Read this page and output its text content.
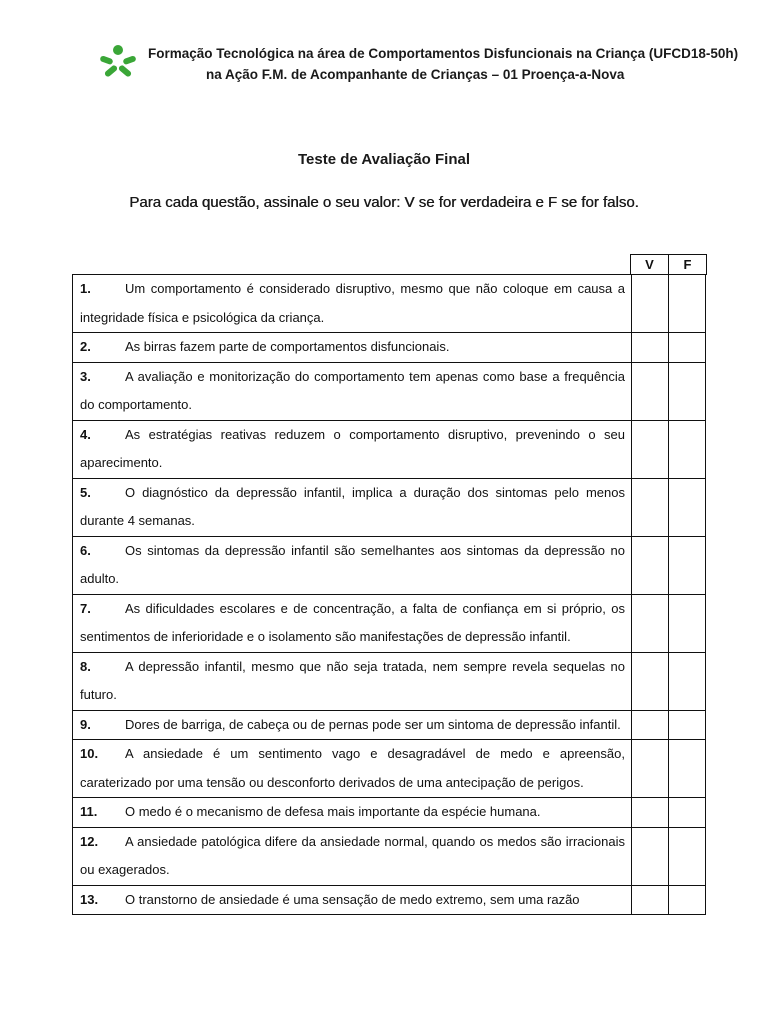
Formação Tecnológica na área de Comportamentos Disfuncionais na Criança (UFCD18-50h)
na Ação F.M. de Acompanhante de Crianças – 01 Proença-a-Nova
Teste de Avaliação Final
Para cada questão, assinale o seu valor: V se for verdadeira e F se for falso.
V	F
1. Um comportamento é considerado disruptivo, mesmo que não coloque em causa a integridade física e psicológica da criança.		

2. As birras fazem parte de comportamentos disfuncionais.		

3. A avaliação e monitorização do comportamento tem apenas como base a frequência do comportamento.		

4. As estratégias reativas reduzem o comportamento disruptivo, prevenindo o seu aparecimento.		

5. O diagnóstico da depressão infantil, implica a duração dos sintomas pelo menos durante 4 semanas.		

6. Os sintomas da depressão infantil são semelhantes aos sintomas da depressão no adulto.		

7. As dificuldades escolares e de concentração, a falta de confiança em si próprio, os sentimentos de inferioridade e o isolamento são manifestações de depressão infantil.		

8. A depressão infantil, mesmo que não seja tratada, nem sempre revela sequelas no futuro.		

9. Dores de barriga, de cabeça ou de pernas pode ser um sintoma de depressão infantil.		

10. A ansiedade é um sentimento vago e desagradável de medo e apreensão, caraterizado por uma tensão ou desconforto derivados de uma antecipação de perigos.		

11. O medo é o mecanismo de defesa mais importante da espécie humana.		

12. A ansiedade patológica difere da ansiedade normal, quando os medos são irracionais ou exagerados.		

13. O transtorno de ansiedade é uma sensação de medo extremo, sem uma razão		
